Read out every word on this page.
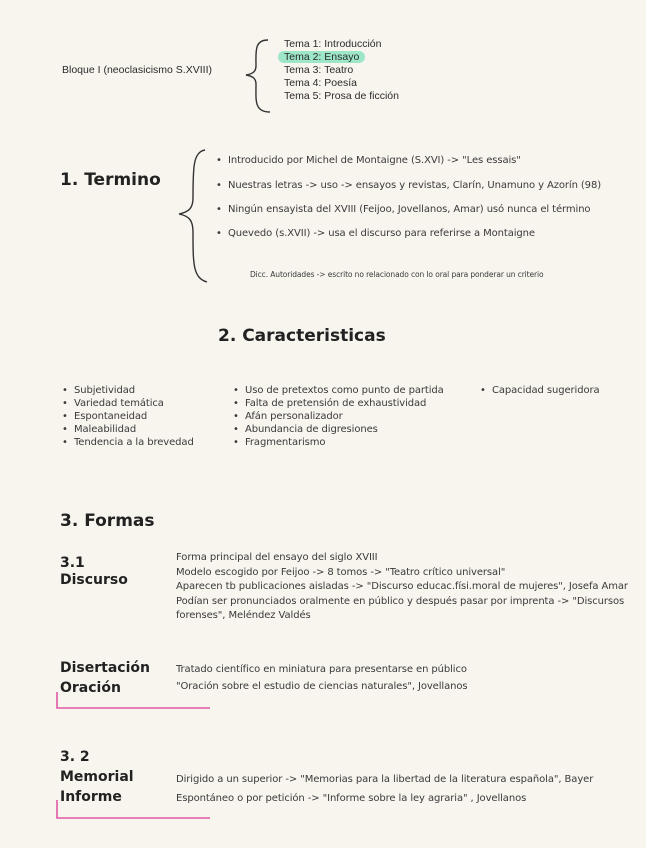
Bloque I (neoclasicismo S.XVIII)
Tema 1: Introducción
Tema 2: Ensayo
Tema 3: Teatro
Tema 4: Poesía
Tema 5: Prosa de ficción
1. Termino
• Introducido por Michel de Montaigne (S.XVI) -> "Les essais"
• Nuestras letras -> uso -> ensayos y revistas, Clarín, Unamuno y Azorín (98)
• Ningún ensayista del XVIII (Feijoo, Jovellanos, Amar) usó nunca el término
• Quevedo (s.XVII) -> usa el discurso para referirse a Montaigne
Dicc. Autoridades -> escrito no relacionado con lo oral para ponderar un criterio
2. Caracteristicas
• Subjetividad
• Variedad temática
• Espontaneidad
• Maleabilidad
• Tendencia a la brevedad
• Uso de pretextos como punto de partida
• Falta de pretensión de exhaustividad
• Afán personalizador
• Abundancia de digresiones
• Fragmentarismo
• Capacidad sugeridora
3. Formas
3.1
Discurso
Forma principal del ensayo del siglo XVIII
Modelo escogido por Feijoo -> 8 tomos -> "Teatro crítico universal"
Aparecen tb publicaciones aisladas -> "Discurso educac.físi.moral de mujeres", Josefa Amar
Podían ser pronunciados oralmente en público y después pasar por imprenta -> "Discursos
forenses", Meléndez Valdés
Disertación
Oración
Tratado científico en miniatura para presentarse en público
"Oración sobre el estudio de ciencias naturales", Jovellanos
3. 2
Memorial
Informe
Dirigido a un superior -> "Memorias para la libertad de la literatura española", Bayer
Espontáneo o por petición -> "Informe sobre la ley agraria" , Jovellanos
